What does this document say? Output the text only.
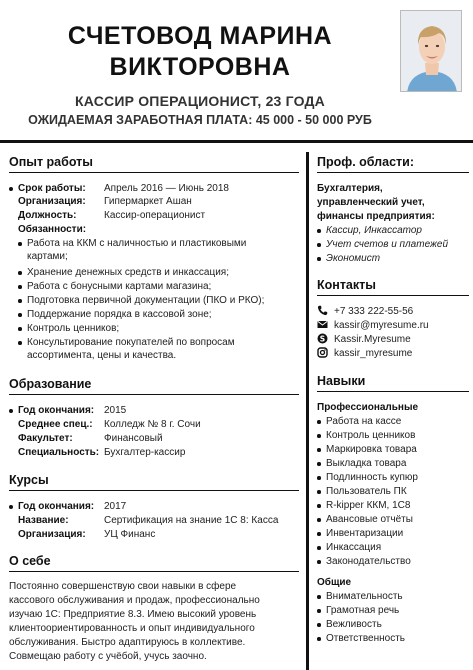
СЧЕТОВОД МАРИНА
ВИКТОРОВНА
КАССИР ОПЕРАЦИОНИСТ, 23 ГОДА
ОЖИДАЕМАЯ ЗАРАБОТНАЯ ПЛАТА: 45 000 - 50 000 РУБ
Опыт работы
Срок работы: Апрель 2016 — Июнь 2018
Организация: Гипермаркет Ашан
Должность:	Кассир-операционист
Обязанности:
Работа на ККМ с наличностью и пластиковыми картами;
Хранение денежных средств и инкассация;
Работа с бонусными картами магазина;
Подготовка первичной документации (ПКО и РКО);
Поддержание порядка в кассовой зоне;
Контроль ценников;
Консультирование покупателей по вопросам ассортимента, цены и качества.
Образование
Год окончания: 2015
Среднее спец.: Колледж № 8 г. Сочи
Факультет:	Финансовый
Специальность: Бухгалтер-кассир
Курсы
Год окончания: 2017
Название:	Сертификация на знание 1С 8: Касса
Организация: УЦ Финанс
О себе
Постоянно совершенствую свои навыки в сфере
кассового обслуживания и продаж, профессионально
изучаю 1С: Предприятие 8.3. Имею высокий уровень
клиентоориентированность и опыт индивидуального
обслуживания. Быстро адаптируюсь в коллективе.
Совмещаю работу с учёбой, учусь заочно.
Проф. области:
Бухгалтерия,
управленческий учет,
финансы предприятия:
Кассир, Инкассатор
Учет счетов и платежей
Экономист
Контакты
+7 333 222-55-56
kassir@myresume.ru
S Kassir.Myresume
kassir_myresume
Навыки
Профессиональные
Работа на кассе
Контроль ценников
Маркировка товара
Выкладка товара
Подлинность купюр
Пользователь ПК
R-kipper ККМ, 1С8
Авансовые отчёты
Инвентаризации
Инкассация
Законодательство
Общие
Внимательность
Грамотная речь
Вежливость
Ответственность
